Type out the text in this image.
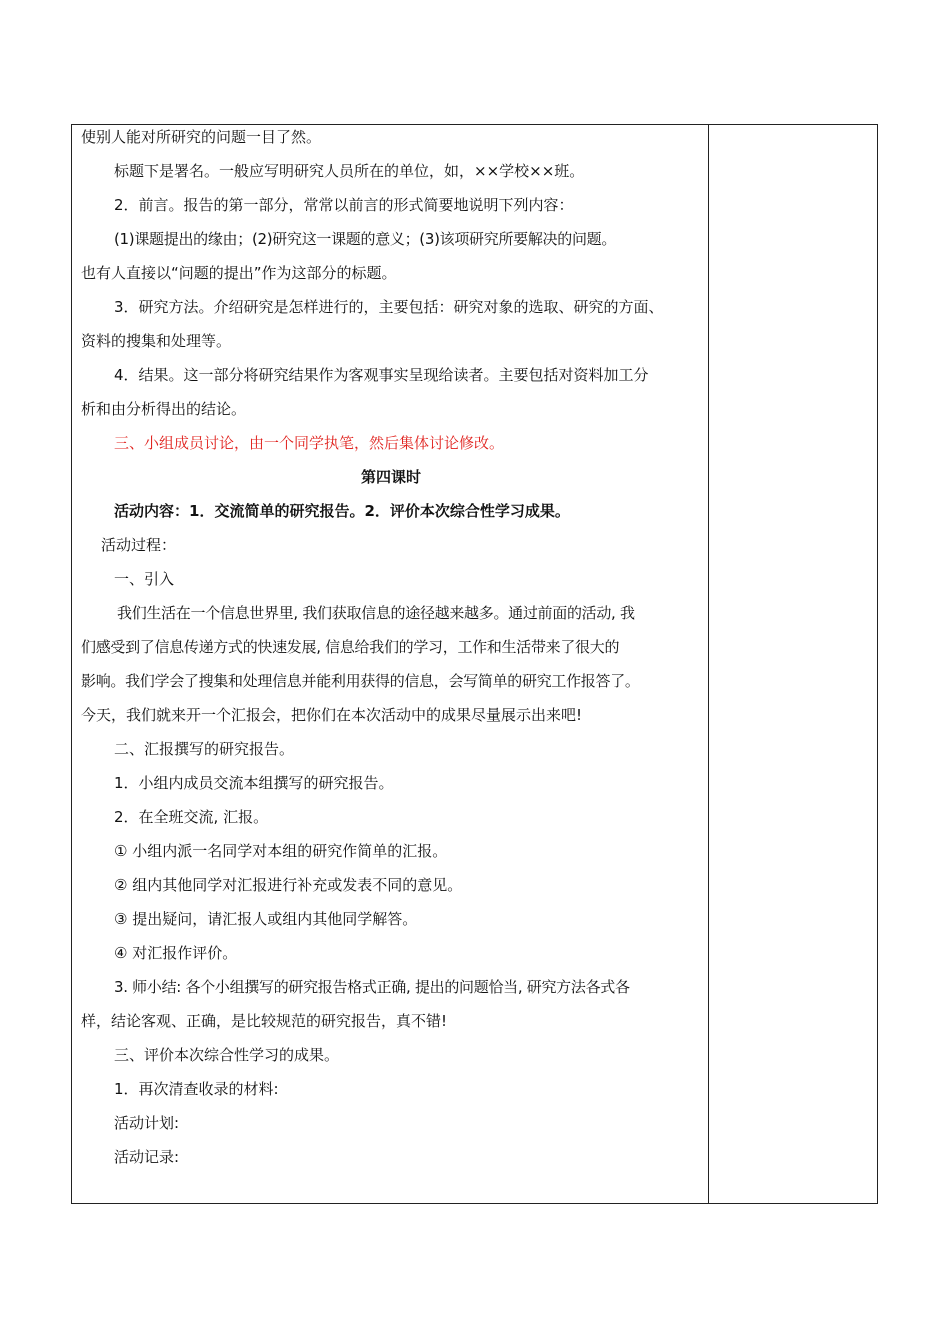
使别人能对所研究的问题一目了然。
标题下是署名。一般应写明研究人员所在的单位，如，××学校××班。
2．前言。报告的第一部分，常常以前言的形式简要地说明下列内容：
(1)课题提出的缘由；(2)研究这一课题的意义；(3)该项研究所要解决的问题。
也有人直接以“问题的提出”作为这部分的标题。
3．研究方法。介绍研究是怎样进行的，主要包括：研究对象的选取、研究的方面、
资料的搜集和处理等。
4．结果。这一部分将研究结果作为客观事实呈现给读者。主要包括对资料加工分
析和由分析得出的结论。
三、小组成员讨论，由一个同学执笔，然后集体讨论修改。
第四课时
活动内容：1．交流简单的研究报告。2．评价本次综合性学习成果。
活动过程：
一、引入
我们生活在一个信息世界里, 我们获取信息的途径越来越多。通过前面的活动, 我
们感受到了信息传递方式的快速发展, 信息给我们的学习，工作和生活带来了很大的
影响。我们学会了搜集和处理信息并能利用获得的信息，会写简单的研究工作报答了。
今天，我们就来开一个汇报会，把你们在本次活动中的成果尽量展示出来吧!
二、汇报撰写的研究报告。
1．小组内成员交流本组撰写的研究报告。
2．在全班交流, 汇报。
① 小组内派一名同学对本组的研究作简单的汇报。
② 组内其他同学对汇报进行补充或发表不同的意见。
③ 提出疑问，请汇报人或组内其他同学解答。
④ 对汇报作评价。
3. 师小结: 各个小组撰写的研究报告格式正确, 提出的问题恰当, 研究方法各式各
样，结论客观、正确，是比较规范的研究报告，真不错!
三、评价本次综合性学习的成果。
1．再次清查收录的材料:
活动计划:
活动记录:
